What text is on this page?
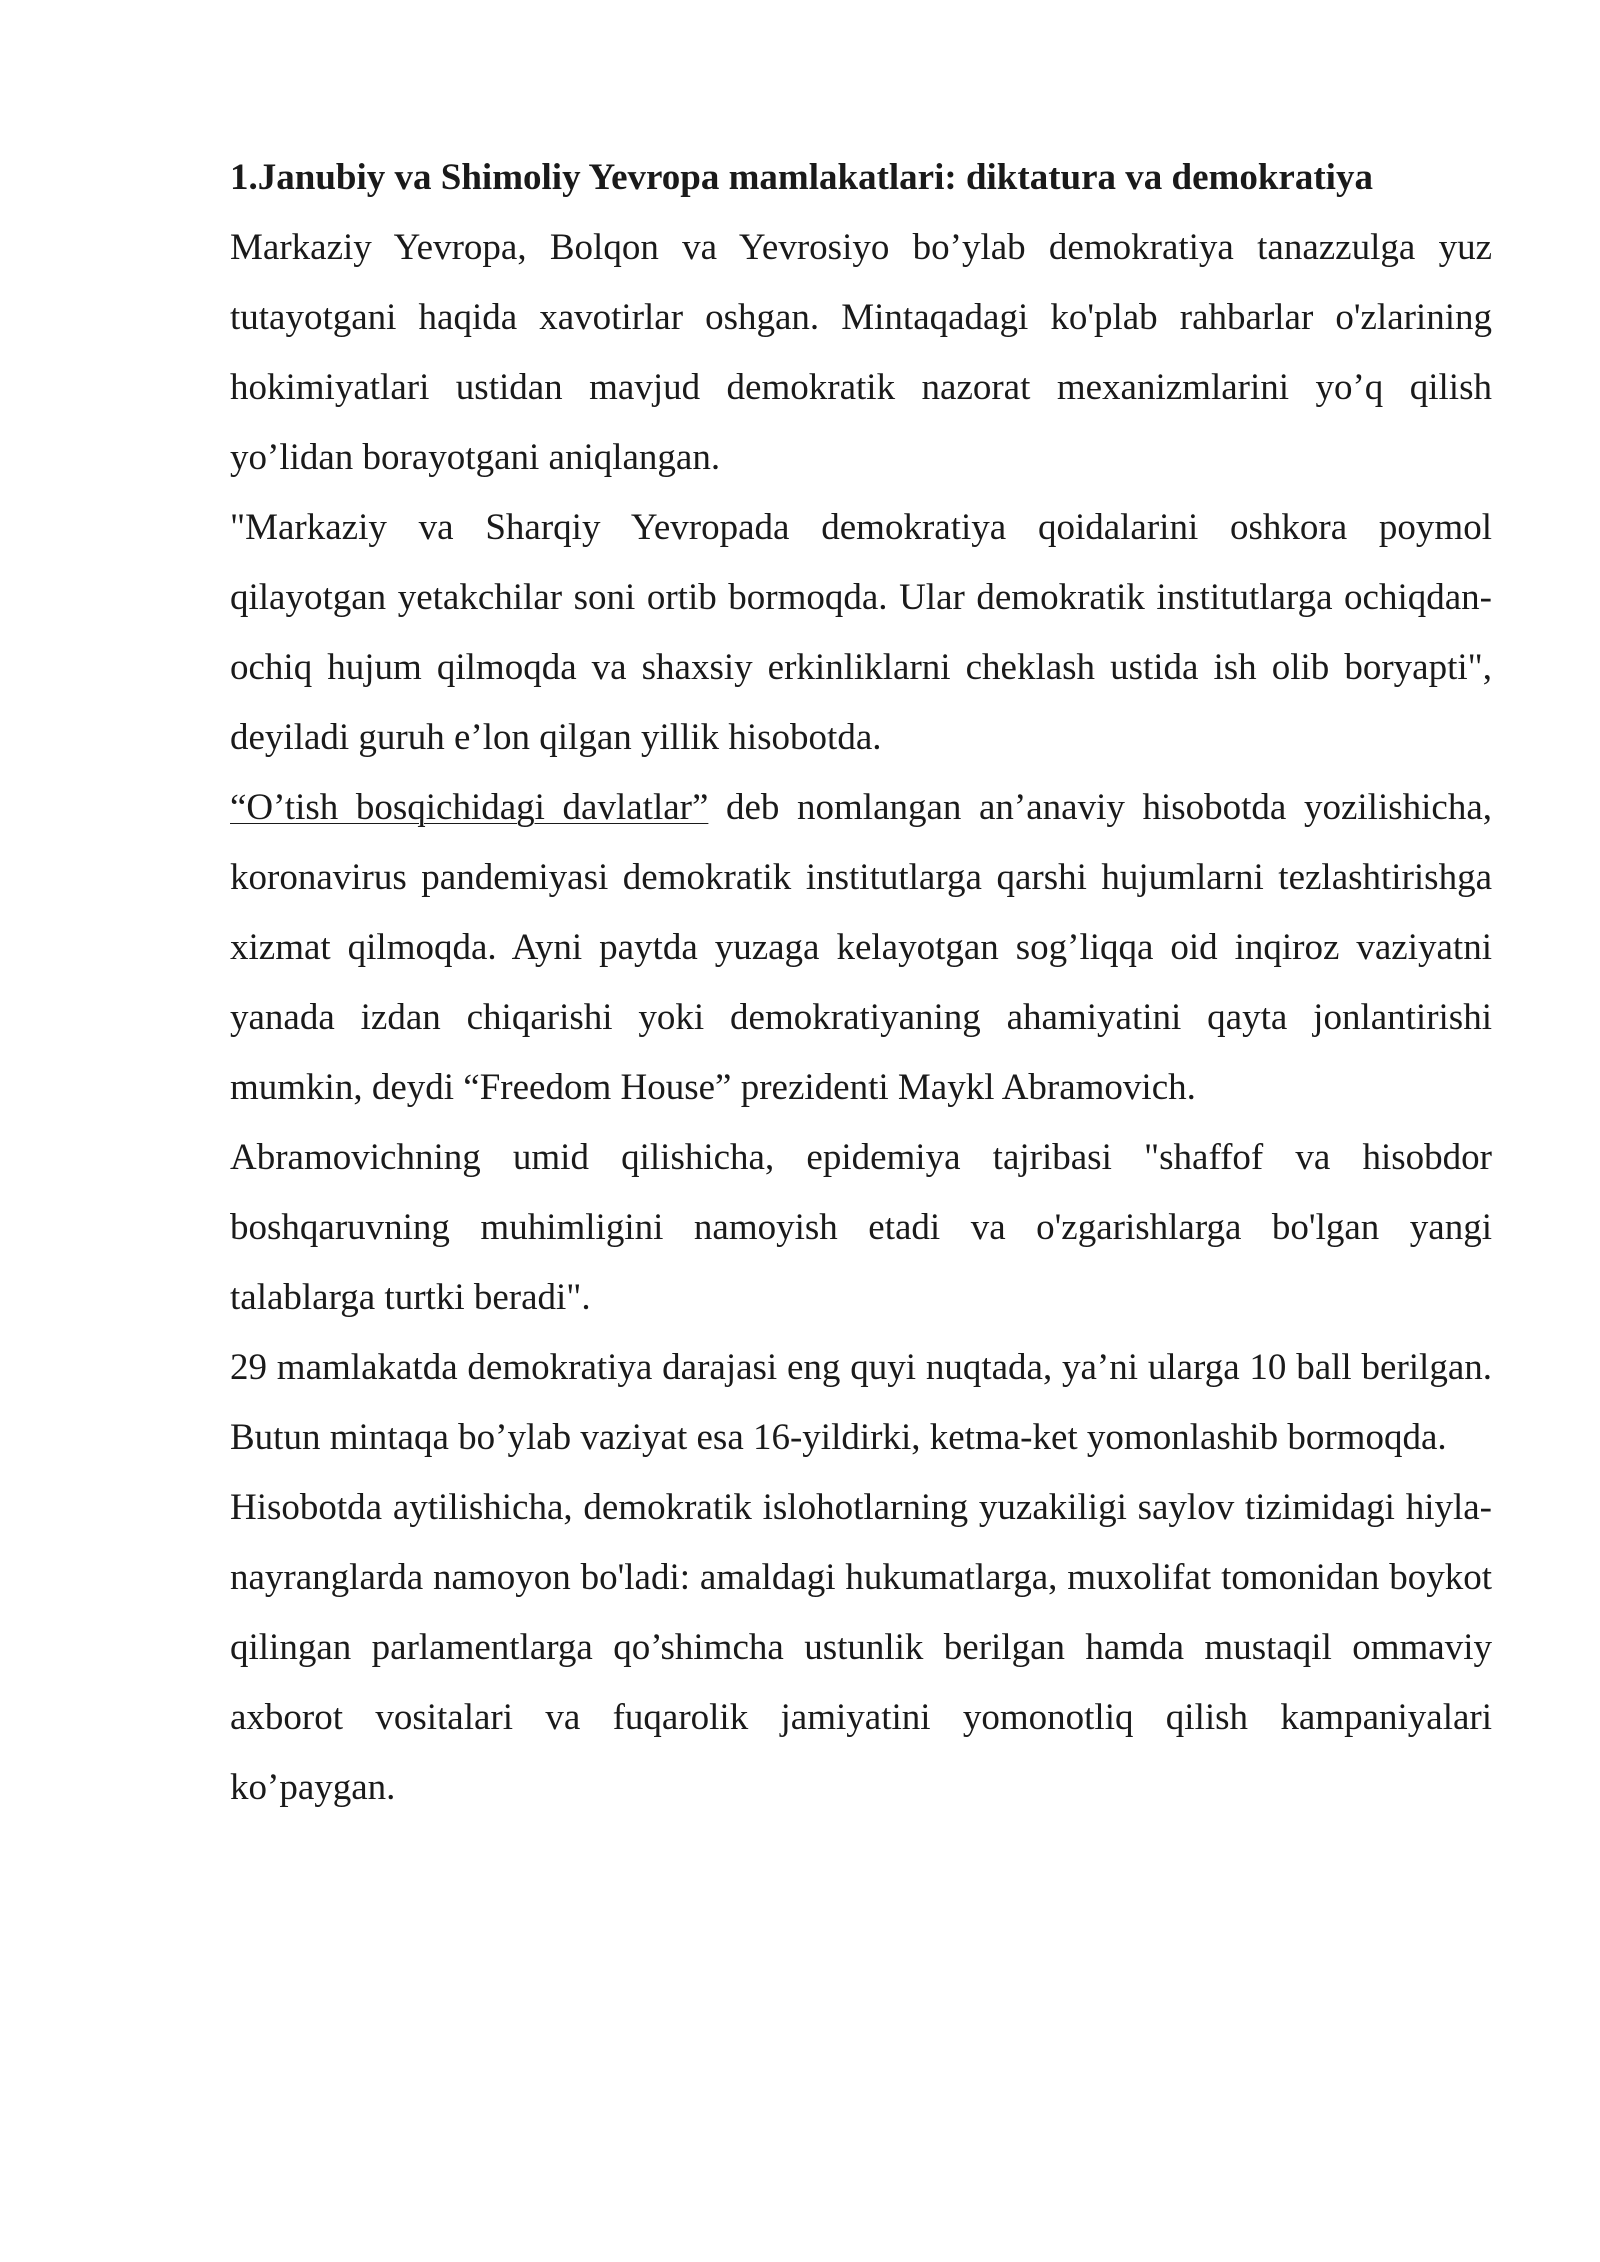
1.Janubiy va Shimoliy Yevropa mamlakatlari: diktatura va demokratiya

Markaziy Yevropa, Bolqon va Yevrosiyo bo’ylab demokratiya tanazzulga yuz tutayotgani haqida xavotirlar oshgan. Mintaqadagi ko'plab rahbarlar o'zlarining hokimiyatlari ustidan mavjud demokratik nazorat mexanizmlarini yo’q qilish yo’lidan borayotgani aniqlangan.

"Markaziy va Sharqiy Yevropada demokratiya qoidalarini oshkora poymol qilayotgan yetakchilar soni ortib bormoqda. Ular demokratik institutlarga ochiqdan-ochiq hujum qilmoqda va shaxsiy erkinliklarni cheklash ustida ish olib boryapti", deyiladi guruh e’lon qilgan yillik hisobotda.

“O’tish bosqichidagi davlatlar” deb nomlangan an’anaviy hisobotda yozilishicha, koronavirus pandemiyasi demokratik institutlarga qarshi hujumlarni tezlashtirishga xizmat qilmoqda. Ayni paytda yuzaga kelayotgan sog’liqqa oid inqiroz vaziyatni yanada izdan chiqarishi yoki demokratiyaning ahamiyatini qayta jonlantirishi mumkin, deydi “Freedom House” prezidenti Maykl Abramovich.

Abramovichning umid qilishicha, epidemiya tajribasi "shaffof va hisobdor boshqaruvning muhimligini namoyish etadi va o'zgarishlarga bo'lgan yangi talablarga turtki beradi".

29 mamlakatda demokratiya darajasi eng quyi nuqtada, ya’ni ularga 10 ball berilgan. Butun mintaqa bo’ylab vaziyat esa 16-yildirki, ketma-ket yomonlashib bormoqda.

Hisobotda aytilishicha, demokratik islohotlarning yuzakiligi saylov tizimidagi hiyla-nayranglarda namoyon bo'ladi: amaldagi hukumatlarga, muxolifat tomonidan boykot qilingan parlamentlarga qo’shimcha ustunlik berilgan hamda mustaqil ommaviy axborot vositalari va fuqarolik jamiyatini yomonotliq qilish kampaniyalari ko’paygan.
